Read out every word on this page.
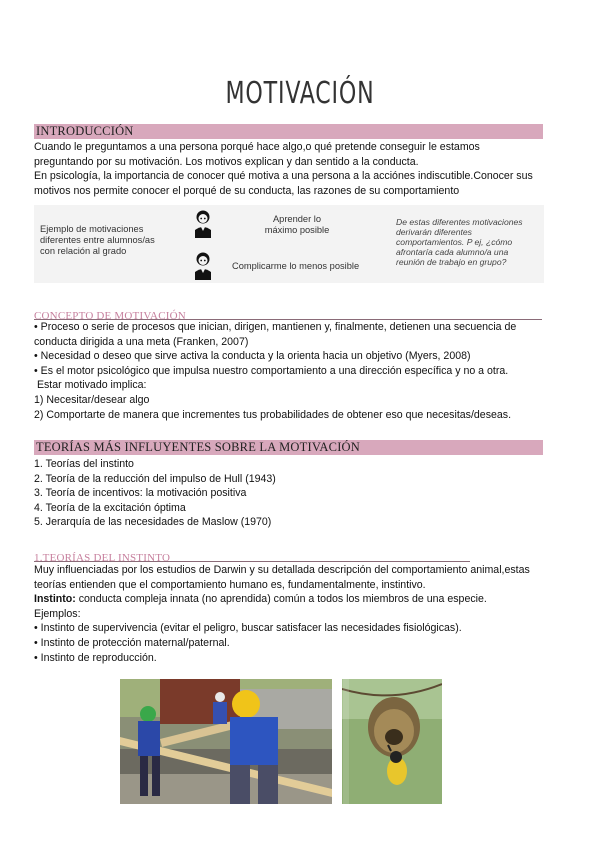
MOTIVACIÓN
INTRODUCCIÓN

Cuando le preguntamos a una persona porqué hace algo,o qué pretende conseguir le estamos

preguntando por su motivación. Los motivos explican y dan sentido a la conducta.

En psicología, la importancia de conocer qué motiva a una persona a la acciónes indiscutible.Conocer sus

motivos nos permite conocer el porqué de su conducta, las razones de su comportamiento

Ejemplo de motivaciones
diferentes entre alumnos/as
con relación al grado
Aprender lo
máximo posible
Complicarme lo menos posible
De estas diferentes motivaciones
derivarán diferentes
comportamientos. P ej, ¿cómo
afrontaría cada alumno/a una
reunión de trabajo en grupo?
CONCEPTO DE MOTIVACIÓN

• Proceso o serie de procesos que inician, dirigen, mantienen y, finalmente, detienen una secuencia de

conducta dirigida a una meta (Franken, 2007)

• Necesidad o deseo que sirve activa la conducta y la orienta hacia un objetivo (Myers, 2008)

• Es el motor psicológico que impulsa nuestro comportamiento a una dirección específica y no a otra.

Estar motivado implica:

1) Necesitar/desear algo

2) Comportarte de manera que incrementes tus probabilidades de obtener eso que necesitas/deseas.

TEORÍAS MÁS INFLUYENTES SOBRE LA MOTIVACIÓN

1. Teorías del instinto

2. Teoría de la reducción del impulso de Hull (1943)

3. Teoría de incentivos: la motivación positiva

4. Teoría de la excitación óptima

5. Jerarquía de las necesidades de Maslow (1970)

1.TEORÍAS DEL INSTINTO

Muy influenciadas por los estudios de Darwin y su detallada descripción del comportamiento animal,estas

teorías entienden que el comportamiento humano es, fundamentalmente, instintivo.

Instinto: conducta compleja innata (no aprendida) común a todos los miembros de una especie.

Ejemplos:

• Instinto de supervivencia (evitar el peligro, buscar satisfacer las necesidades fisiológicas).

• Instinto de protección maternal/paternal.

• Instinto de reproducción.
